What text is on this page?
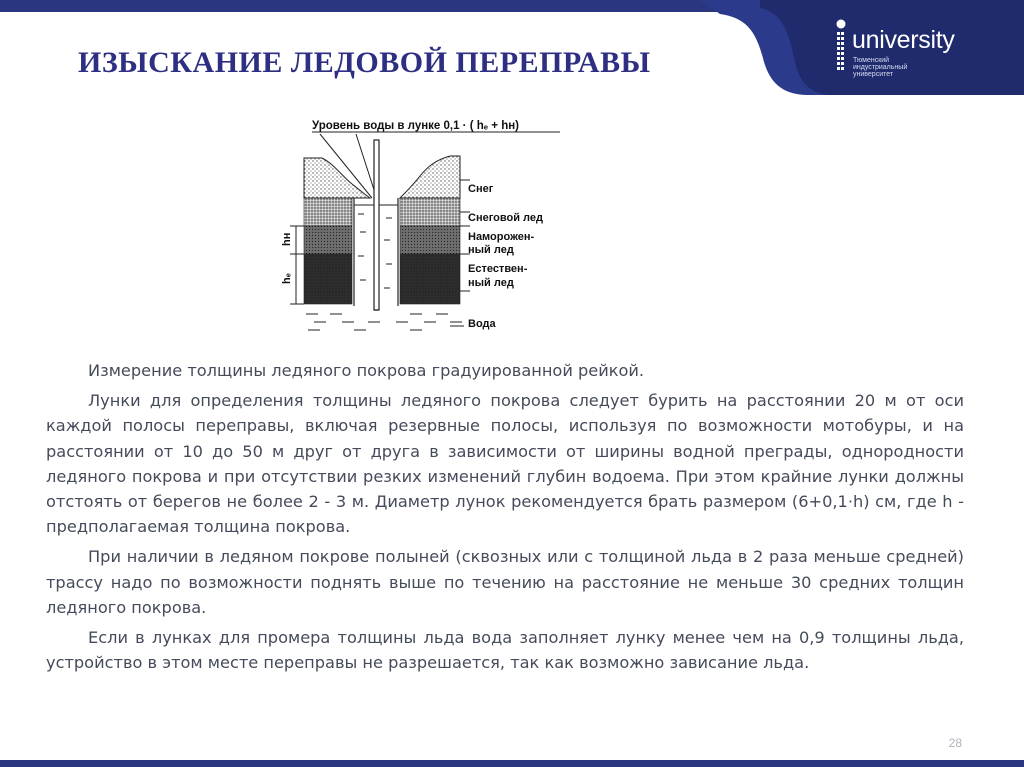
university
Тюменский
индустриальный
университет
ИЗЫСКАНИЕ ЛЕДОВОЙ ПЕРЕПРАВЫ
Уровень воды в лунке 0,1 · ( hₑ + hн)
hн
hₑ
Снег
Снеговой лед
Наморожен-
ный лед
Естествен-
ный лед
Вода

Измерение толщины ледяного покрова градуированной рейкой.

Лунки для определения толщины ледяного покрова следует бурить на расстоянии 20 м от оси каждой полосы переправы, включая резервные полосы, используя по возможности мотобуры, и на расстоянии от 10 до 50 м друг от друга в зависимости от ширины водной преграды, однородности ледяного покрова и при отсутствии резких изменений глубин водоема. При этом крайние лунки должны отстоять от берегов не более 2 - 3 м. Диаметр лунок рекомендуется брать размером (6+0,1·h) см, где h - предполагаемая толщина покрова.

При наличии в ледяном покрове полыней (сквозных или с толщиной льда в 2 раза меньше средней) трассу надо по возможности поднять выше по течению на расстояние не меньше 30 средних толщин ледяного покрова.

Если в лунках для промера толщины льда вода заполняет лунку менее чем на 0,9 толщины льда, устройство в этом месте переправы не разрешается, так как возможно зависание льда.

28
